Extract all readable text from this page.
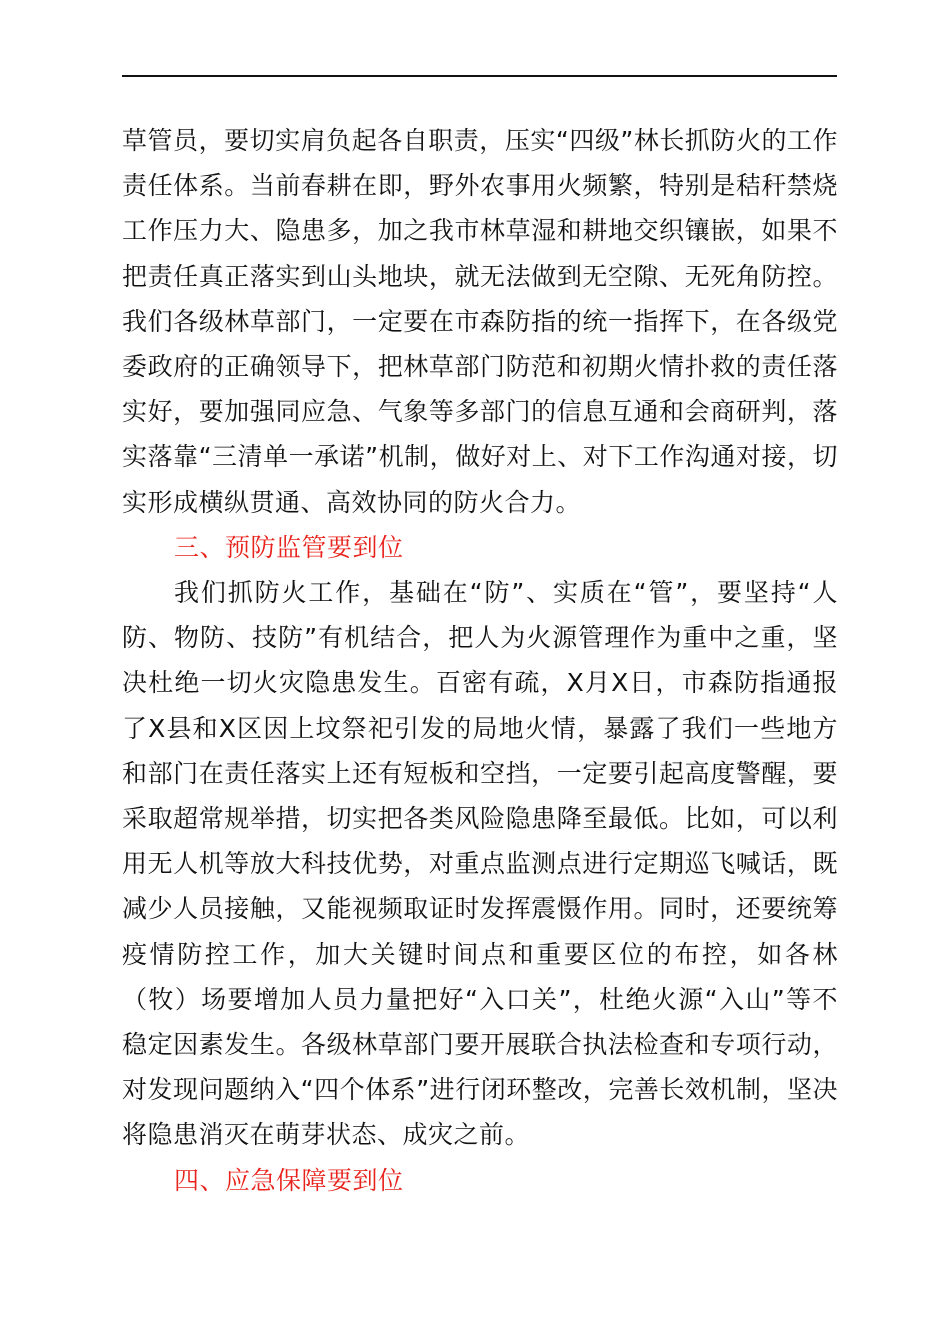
草管员，要切实肩负起各自职责，压实“四级”林长抓防火的工作责任体系。当前春耕在即，野外农事用火频繁，特别是秸秆禁烧工作压力大、隐患多，加之我市林草湿和耕地交织镶嵌，如果不把责任真正落实到山头地块，就无法做到无空隙、无死角防控。我们各级林草部门，一定要在市森防指的统一指挥下，在各级党委政府的正确领导下，把林草部门防范和初期火情扑救的责任落实好，要加强同应急、气象等多部门的信息互通和会商研判，落实落靠“三清单一承诺”机制，做好对上、对下工作沟通对接，切实形成横纵贯通、高效协同的防火合力。

三、预防监管要到位

我们抓防火工作，基础在“防”、实质在“管”，要坚持“人防、物防、技防”有机结合，把人为火源管理作为重中之重，坚决杜绝一切火灾隐患发生。百密有疏，X月X日，市森防指通报了X县和X区因上坟祭祀引发的局地火情，暴露了我们一些地方和部门在责任落实上还有短板和空挡，一定要引起高度警醒，要采取超常规举措，切实把各类风险隐患降至最低。比如，可以利用无人机等放大科技优势，对重点监测点进行定期巡飞喊话，既减少人员接触，又能视频取证时发挥震慑作用。同时，还要统筹疫情防控工作，加大关键时间点和重要区位的布控，如各林（牧）场要增加人员力量把好“入口关”，杜绝火源“入山”等不稳定因素发生。各级林草部门要开展联合执法检查和专项行动，对发现问题纳入“四个体系”进行闭环整改，完善长效机制，坚决将隐患消灭在萌芽状态、成灾之前。

四、应急保障要到位
